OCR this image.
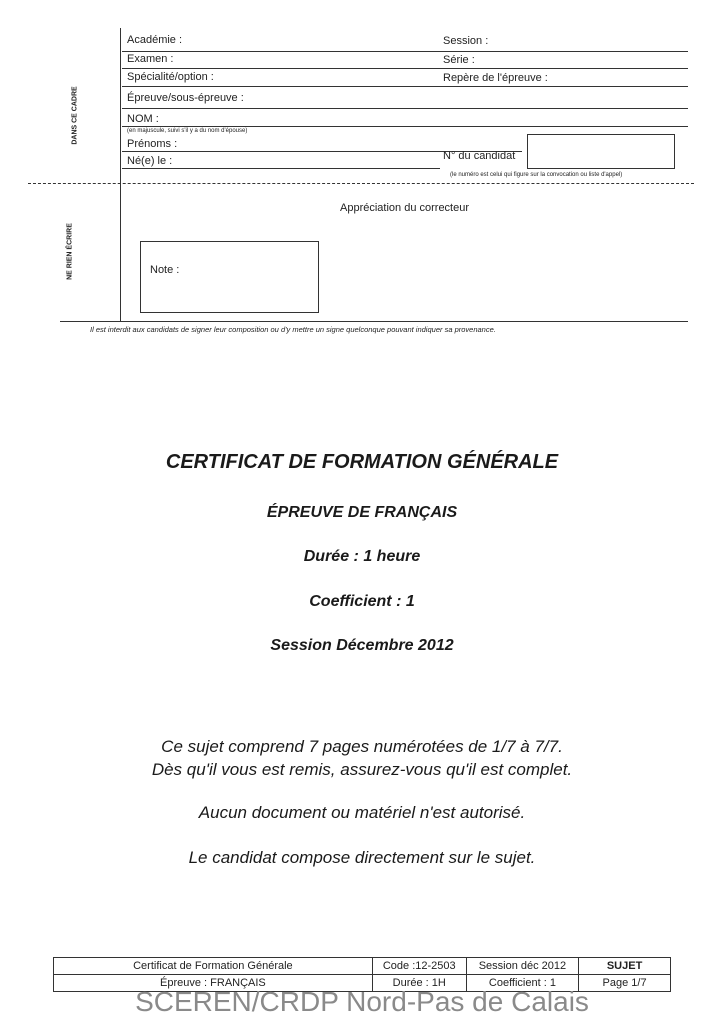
DANS CE CADRE
NE RIEN ÉCRIRE
Académie :	Session :
Examen :	Série :
Spécialité/option :	Repère de l'épreuve :
Épreuve/sous-épreuve :
NOM :
(en majuscule, suivi s'il y a du nom d'épouse)
Prénoms :
Né(e) le :	N° du candidat
(le numéro est celui qui figure sur la convocation ou liste d'appel)
Appréciation du correcteur
Note :
Il est interdit aux candidats de signer leur composition ou d'y mettre un signe quelconque pouvant indiquer sa provenance.
CERTIFICAT DE FORMATION GÉNÉRALE
ÉPREUVE DE FRANÇAIS
Durée : 1 heure
Coefficient : 1
Session Décembre 2012
Ce sujet comprend 7 pages numérotées de 1/7 à 7/7.
Dès qu'il vous est remis, assurez-vous qu'il est complet.
Aucun document ou matériel n'est autorisé.
Le candidat compose directement sur le sujet.
Certificat de Formation Générale	Code :12-2503	Session déc 2012	SUJET
Épreuve : FRANÇAIS	Durée : 1H	Coefficient : 1	Page 1/7
SCEREN/CRDP Nord-Pas de Calais
